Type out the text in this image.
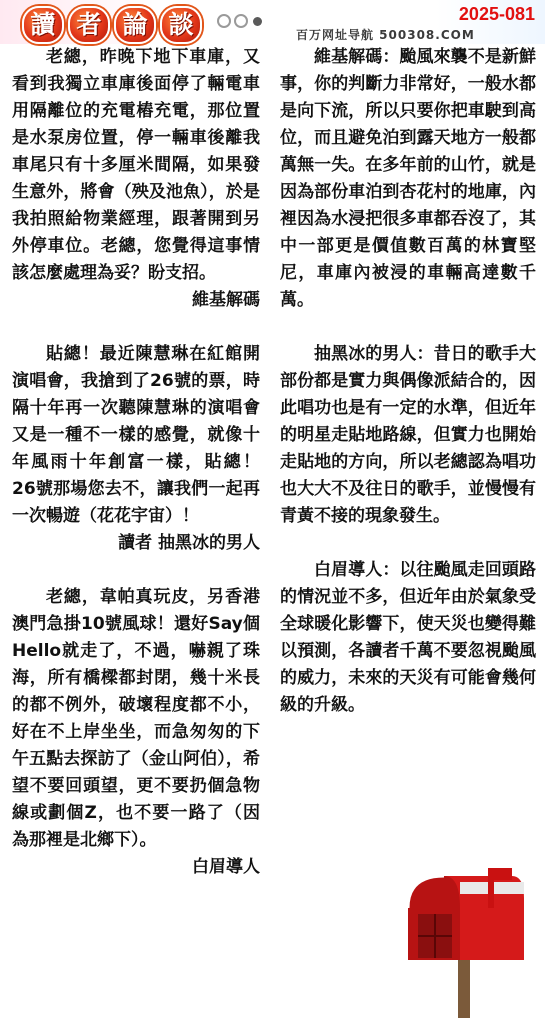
讀 者 論 談	2025-081
百万网址导航 500308.COM

老總，昨晚下地下車庫，又看到我獨立車庫後面停了輛電車用隔離位的充電樁充電，那位置是水泵房位置，停一輛車後離我車尾只有十多厘米間隔，如果發生意外，將會（殃及池魚），於是我拍照給物業經理，跟著開到另外停車位。老總，您覺得這事情該怎麼處理為妥？盼支招。

維基解碼

貼總！最近陳慧琳在紅館開演唱會，我搶到了26號的票，時隔十年再一次聽陳慧琳的演唱會又是一種不一樣的感覺，就像十年風雨十年創富一樣，貼總！ 26號那場您去不，讓我們一起再一次暢遊（花花宇宙）！

讀者 抽黑冰的男人

老總，韋帕真玩皮，另香港澳門急掛10號風球！還好Say個Hello就走了，不過，嚇親了珠海，所有橋樑都封閉，幾十米長的都不例外，破壞程度都不小，好在不上岸坐坐，而急匆匆的下午五點去探訪了（金山阿伯），希望不要回頭望，更不要扔個急物線或劃個Z，也不要一路了（因為那裡是北鄉下）。

白眉導人

維基解碼：颱風來襲不是新鮮事，你的判斷力非常好，一般水都是向下流，所以只要你把車駛到高位，而且避免泊到露天地方一般都萬無一失。在多年前的山竹，就是因為部份車泊到杏花村的地庫，內裡因為水浸把很多車都吞沒了，其中一部更是價值數百萬的林寶堅尼，車庫內被浸的車輛高達數千萬。

抽黑冰的男人：昔日的歌手大部份都是實力與偶像派結合的，因此唱功也是有一定的水準，但近年的明星走貼地路線，但實力也開始走貼地的方向，所以老總認為唱功也大大不及往日的歌手，並慢慢有青黃不接的現象發生。

白眉導人：以往颱風走回頭路的情況並不多，但近年由於氣象受全球暖化影響下，使天災也變得難以預測，各讀者千萬不要忽視颱風的威力，未來的天災有可能會幾何級的升級。
